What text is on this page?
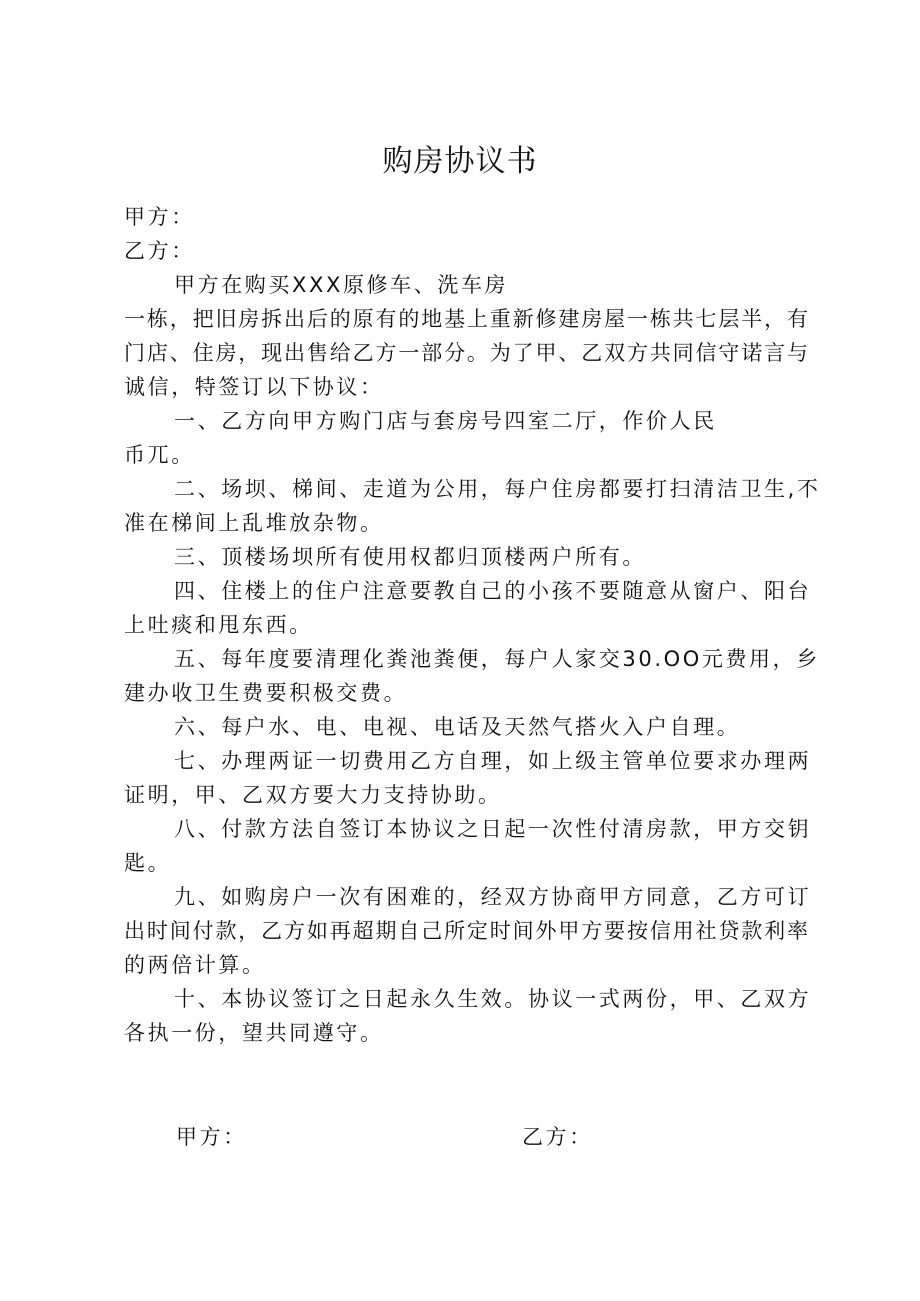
购房协议书
甲方：
乙方：
甲方在购买XXX原修车、洗车房
一栋，把旧房拆出后的原有的地基上重新修建房屋一栋共七层半，有
门店、住房，现出售给乙方一部分。为了甲、乙双方共同信守诺言与
诚信，特签订以下协议：
一、乙方向甲方购门店与套房号四室二厅，作价人民
币兀。
二、场坝、梯间、走道为公用，每户住房都要打扫清洁卫生,不
准在梯间上乱堆放杂物。
三、顶楼场坝所有使用权都归顶楼两户所有。
四、住楼上的住户注意要教自己的小孩不要随意从窗户、阳台
上吐痰和甩东西。
五、每年度要清理化粪池粪便，每户人家交30.OO元费用，乡
建办收卫生费要积极交费。
六、每户水、电、电视、电话及天然气搭火入户自理。
七、办理两证一切费用乙方自理，如上级主管单位要求办理两
证明，甲、乙双方要大力支持协助。
八、付款方法自签订本协议之日起一次性付清房款，甲方交钥
匙。
九、如购房户一次有困难的，经双方协商甲方同意，乙方可订
出时间付款，乙方如再超期自己所定时间外甲方要按信用社贷款利率
的两倍计算。
十、本协议签订之日起永久生效。协议一式两份，甲、乙双方
各执一份，望共同遵守。
甲方：	乙方：
